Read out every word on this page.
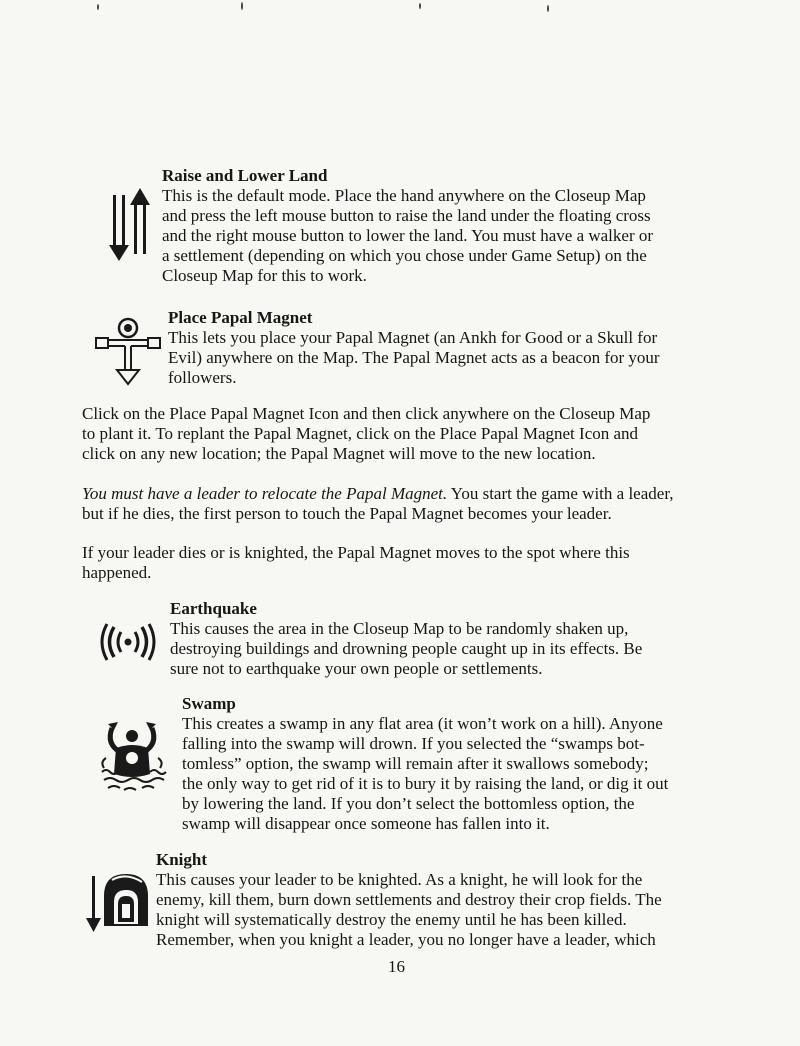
Raise and Lower Land
This is the default mode. Place the hand anywhere on the Closeup Map
and press the left mouse button to raise the land under the floating cross
and the right mouse button to lower the land. You must have a walker or
a settlement (depending on which you chose under Game Setup) on the
Closeup Map for this to work.
Place Papal Magnet
This lets you place your Papal Magnet (an Ankh for Good or a Skull for
Evil) anywhere on the Map. The Papal Magnet acts as a beacon for your
followers.
Click on the Place Papal Magnet Icon and then click anywhere on the Closeup Map
to plant it. To replant the Papal Magnet, click on the Place Papal Magnet Icon and
click on any new location; the Papal Magnet will move to the new location.
You must have a leader to relocate the Papal Magnet. You start the game with a leader,
but if he dies, the first person to touch the Papal Magnet becomes your leader.
If your leader dies or is knighted, the Papal Magnet moves to the spot where this
happened.
Earthquake
This causes the area in the Closeup Map to be randomly shaken up,
destroying buildings and drowning people caught up in its effects. Be
sure not to earthquake your own people or settlements.
Swamp
This creates a swamp in any flat area (it won’t work on a hill). Anyone
falling into the swamp will drown. If you selected the “swamps bot-
tomless” option, the swamp will remain after it swallows somebody;
the only way to get rid of it is to bury it by raising the land, or dig it out
by lowering the land. If you don’t select the bottomless option, the
swamp will disappear once someone has fallen into it.
Knight
This causes your leader to be knighted. As a knight, he will look for the
enemy, kill them, burn down settlements and destroy their crop fields. The
knight will systematically destroy the enemy until he has been killed.
Remember, when you knight a leader, you no longer have a leader, which
16
